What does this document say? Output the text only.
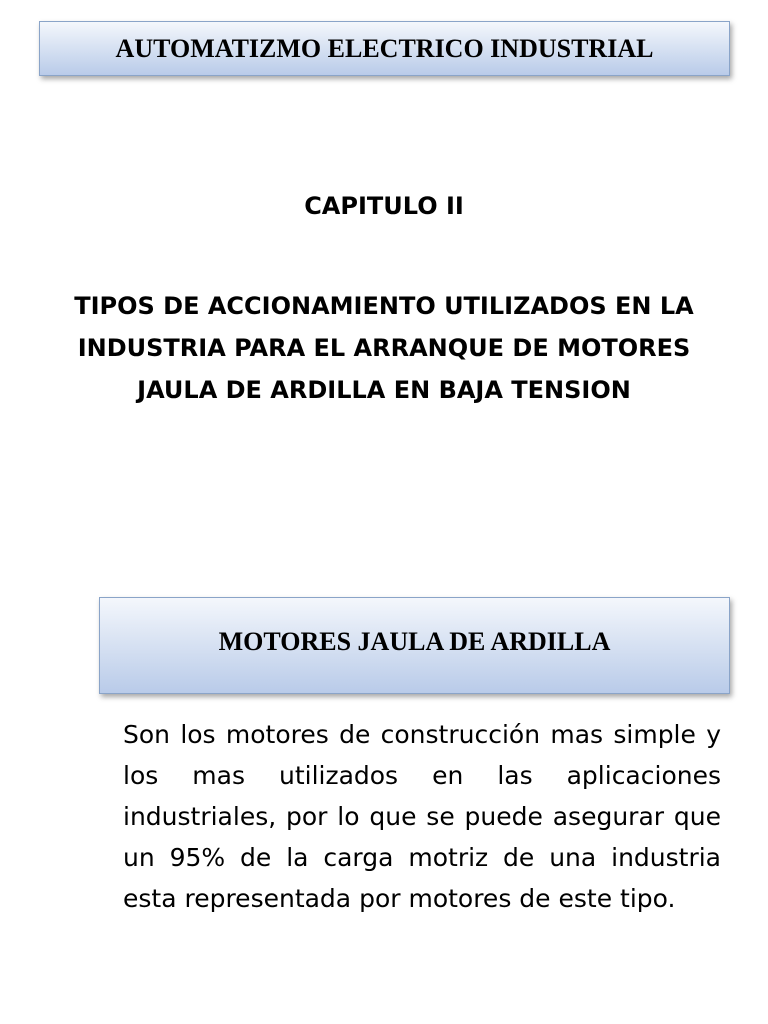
AUTOMATIZMO ELECTRICO INDUSTRIAL
CAPITULO II
TIPOS DE ACCIONAMIENTO UTILIZADOS EN LA INDUSTRIA PARA EL ARRANQUE DE MOTORES JAULA DE ARDILLA EN BAJA TENSION
MOTORES JAULA DE ARDILLA
Son los motores de construcción mas simple y los mas utilizados en las aplicaciones industriales, por lo que se puede asegurar que un 95% de la carga motriz de una industria esta representada por motores de este tipo.
